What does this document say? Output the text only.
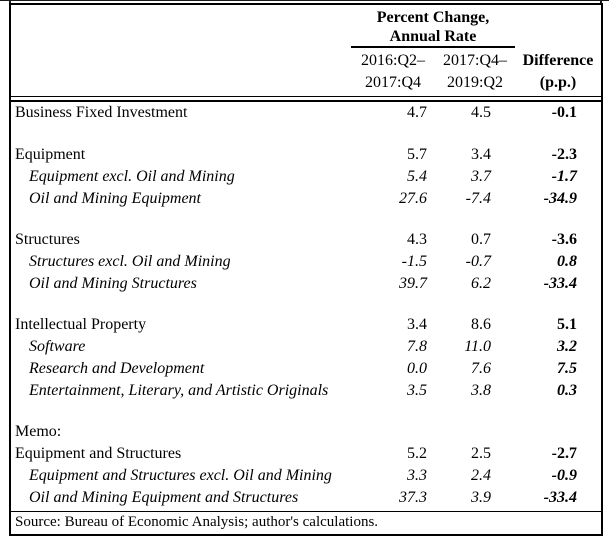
Percent Change,
Annual Rate
2016:Q2–
2017:Q4
2017:Q4–
2019:Q2
Difference
(p.p.)
Business Fixed Investment	4.7	4.5	-0.1
Equipment	5.7	3.4	-2.3
Equipment excl. Oil and Mining	5.4	3.7	-1.7
Oil and Mining Equipment	27.6	-7.4	-34.9
Structures	4.3	0.7	-3.6
Structures excl. Oil and Mining	-1.5	-0.7	0.8
Oil and Mining Structures	39.7	6.2	-33.4
Intellectual Property	3.4	8.6	5.1
Software	7.8	11.0	3.2
Research and Development	0.0	7.6	7.5
Entertainment, Literary, and Artistic Originals	3.5	3.8	0.3
Memo:
Equipment and Structures	5.2	2.5	-2.7
Equipment and Structures excl. Oil and Mining	3.3	2.4	-0.9
Oil and Mining Equipment and Structures	37.3	3.9	-33.4
Source: Bureau of Economic Analysis; author's calculations.
